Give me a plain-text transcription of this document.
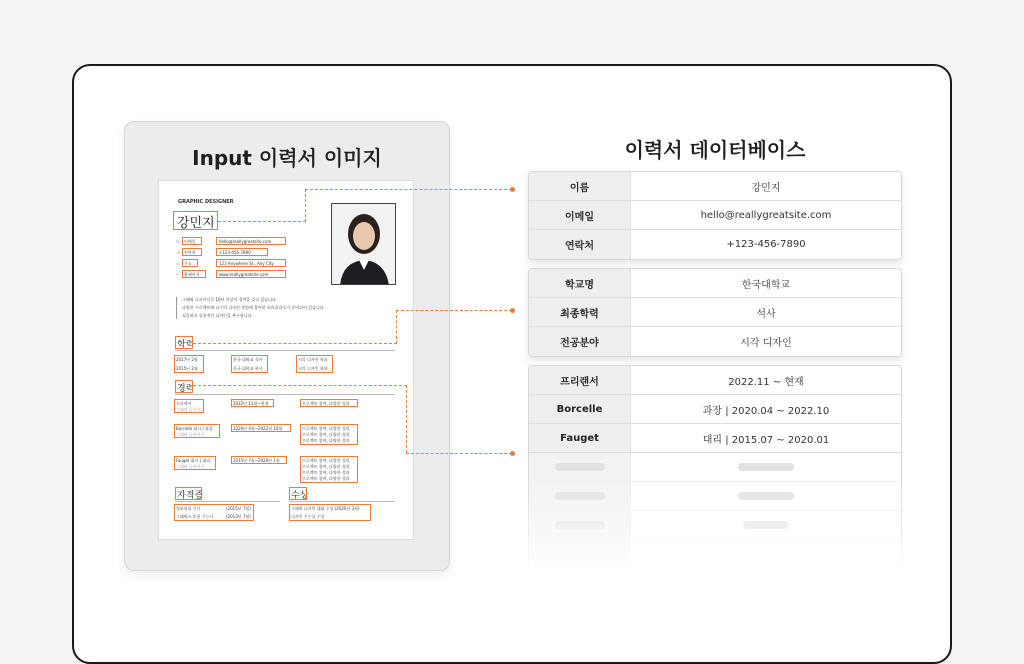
Input 이력서 이미지
GRAPHIC DESIGNER
강민지
✉ 이메일	hello@reallygreatsite.com
☏ 연락처	+123-456-7890
◎ 주소	123 Anywhere St., Any City
⚲ 홈페이지	www.reallygreatsite.com
그래픽 디자이너로 10년 이상의 경력을 갖고 있습니다.
다양한 프로젝트에 다수의 디자인 작업에 참여한 포트폴리오가 준비되어 있습니다.
심플하고 실용적인 디자인을 추구합니다.
학력
2017년 2월	한국 대학교 석사	시각 디자인 학과
2015년 2월	한국 대학교 학사	시각 디자인 학과
경력
프리랜서
그래픽 디자이너
2022년 11월~현재	프로젝트 참여, 다양한 성과
Borcelle 회사 | 과장
그래픽 디자이너
2020년 4월~2022년 10월	프로젝트 참여, 다양한 성과
프로젝트 참여, 다양한 성과
프로젝트 참여, 다양한 성과
Fauget 회사 | 대리
그래픽 디자이너
2015년 7월~2020년 1월	프로젝트 참여, 다양한 성과
프로젝트 참여, 다양한 성과
프로젝트 참여, 다양한 성과
프로젝트 참여, 다양한 성과
자격증
정보처리 기사	(2015년 7월)
그래픽스 운용 기능사	(2013년 7월)
수상
그래픽 디자인 대회 수상 (2020년 3월)
디자인 우수상 수상
이력서 데이터베이스
이름	강민지
이메일	hello@reallygreatsite.com
연락처	+123-456-7890
학교명	한국대학교
최종학력	석사
전공분야	시각 디자인
프리랜서	2022.11 ~ 현재
Borcelle	과장 | 2020.04 ~ 2022.10
Fauget	대리 | 2015.07 ~ 2020.01
